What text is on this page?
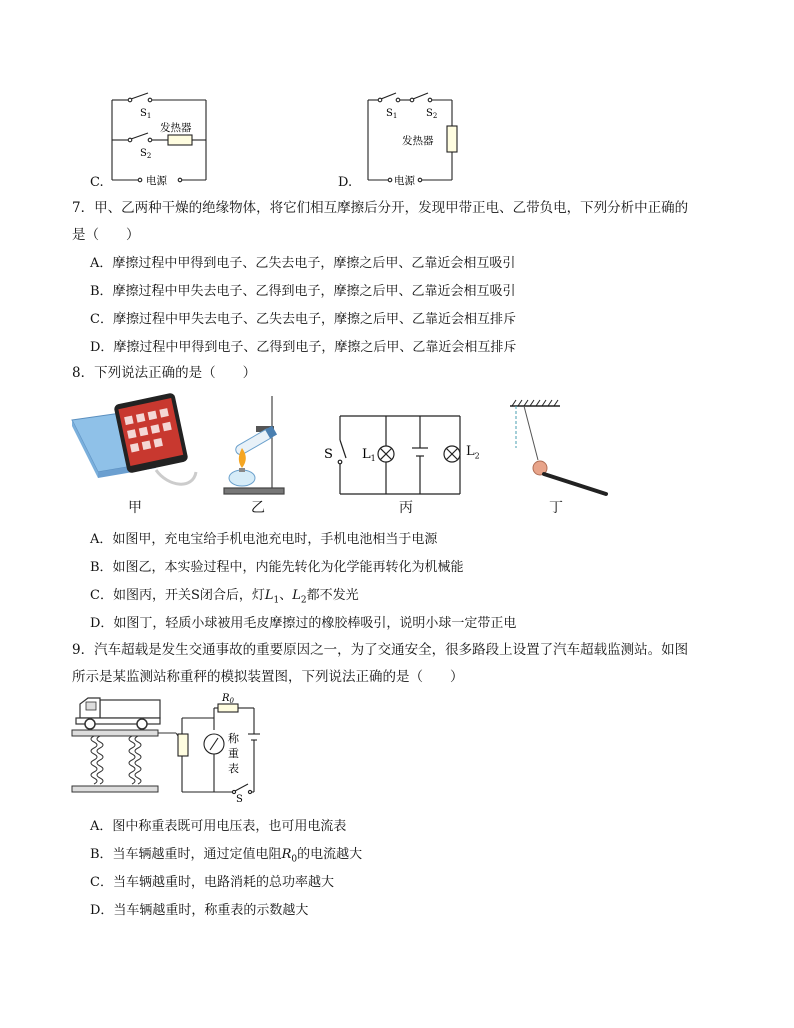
C.
$S_1$
$S_2$
发热器
电源	D.
$S_1$	$S_2$
发热器
电源
7．甲、乙两种干燥的绝缘物体，将它们相互摩擦后分开，发现甲带正电、乙带负电，下列分析中正确的
是（　　）
A．摩擦过程中甲得到电子、乙失去电子，摩擦之后甲、乙靠近会相互吸引
B．摩擦过程中甲失去电子、乙得到电子，摩擦之后甲、乙靠近会相互吸引
C．摩擦过程中甲失去电子、乙失去电子，摩擦之后甲、乙靠近会相互排斥
D．摩擦过程中甲得到电子、乙得到电子，摩擦之后甲、乙靠近会相互排斥
8．下列说法正确的是（　　）
甲	乙
S $L_1$	$L_2$
丙	丁
A．如图甲，充电宝给手机电池充电时，手机电池相当于电源
B．如图乙，本实验过程中，内能先转化为化学能再转化为机械能
C．如图丙，开关S闭合后，灯$L_1$、$L_2$都不发光
D．如图丁，轻质小球被用毛皮摩擦过的橡胶棒吸引，说明小球一定带正电
9．汽车超载是发生交通事故的重要原因之一，为了交通安全，很多路段上设置了汽车超载监测站。如图
所示是某监测站称重秤的模拟装置图，下列说法正确的是（　　）
$R_0$
称
重
表
S
A．图中称重表既可用电压表，也可用电流表
B．当车辆越重时，通过定值电阻$R_0$的电流越大
C．当车辆越重时，电路消耗的总功率越大
D．当车辆越重时，称重表的示数越大
